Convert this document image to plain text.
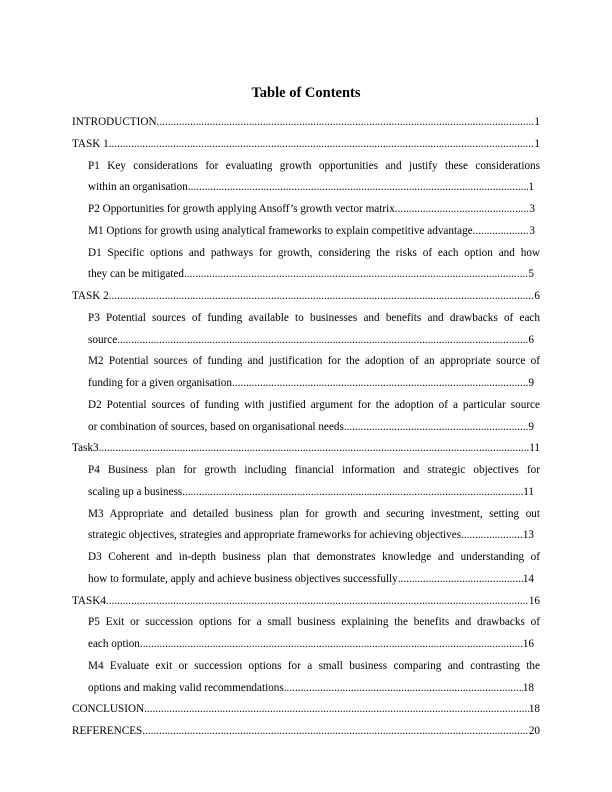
Table of Contents
INTRODUCTION .....	1
TASK 1 .....	1
P1 Key considerations for evaluating growth opportunities and justify these considerations
within an organisation .....	1
P2 Opportunities for growth applying Ansoff’s growth vector matrix .....	3
M1 Options for growth using analytical frameworks to explain competitive advantage .....	3
D1 Specific options and pathways for growth, considering the risks of each option and how
they can be mitigated .....	5
TASK 2 .....	6
P3 Potential sources of funding available to businesses and benefits and drawbacks of each
source .....	6
M2 Potential sources of funding and justification for the adoption of an appropriate source of
funding for a given organisation .....	9
D2 Potential sources of funding with justified argument for the adoption of a particular source
or combination of sources, based on organisational needs .....	9
Task3 .....	11
P4 Business plan for growth including financial information and strategic objectives for
scaling up a business .....	11
M3 Appropriate and detailed business plan for growth and securing investment, setting out
strategic objectives, strategies and appropriate frameworks for achieving objectives .....	13
D3 Coherent and in-depth business plan that demonstrates knowledge and understanding of
how to formulate, apply and achieve business objectives successfully .....	14
TASK4 .....	16
P5 Exit or succession options for a small business explaining the benefits and drawbacks of
each option .....	16
M4 Evaluate exit or succession options for a small business comparing and contrasting the
options and making valid recommendations .....	18
CONCLUSION .....	18
REFERENCES .....	20
